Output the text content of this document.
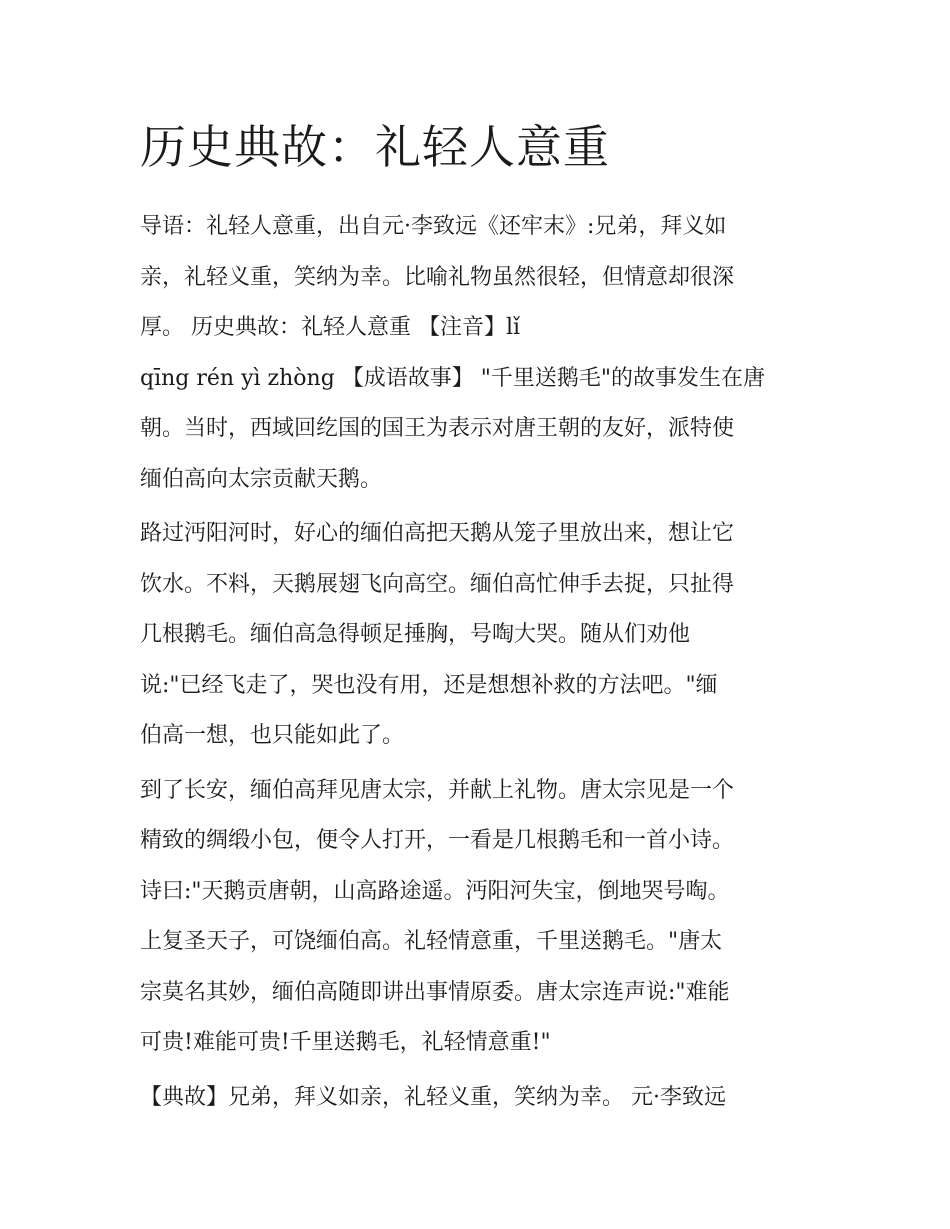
历史典故：礼轻人意重

导语：礼轻人意重，出自元·李致远《还牢末》:兄弟，拜义如
亲，礼轻义重，笑纳为幸。比喻礼物虽然很轻，但情意却很深
厚。 历史典故：礼轻人意重 【注音】lǐ
qīng rén yì zhòng 【成语故事】 "千里送鹅毛"的故事发生在唐
朝。当时，西域回纥国的国王为表示对唐王朝的友好，派特使
缅伯高向太宗贡献天鹅。

路过沔阳河时，好心的缅伯高把天鹅从笼子里放出来，想让它
饮水。不料，天鹅展翅飞向高空。缅伯高忙伸手去捉，只扯得
几根鹅毛。缅伯高急得顿足捶胸，号啕大哭。随从们劝他
说:"已经飞走了，哭也没有用，还是想想补救的方法吧。"缅
伯高一想，也只能如此了。

到了长安，缅伯高拜见唐太宗，并献上礼物。唐太宗见是一个
精致的绸缎小包，便令人打开，一看是几根鹅毛和一首小诗。
诗曰:"天鹅贡唐朝，山高路途遥。沔阳河失宝，倒地哭号啕。
上复圣天子，可饶缅伯高。礼轻情意重，千里送鹅毛。"唐太
宗莫名其妙，缅伯高随即讲出事情原委。唐太宗连声说:"难能
可贵!难能可贵!千里送鹅毛，礼轻情意重!"

【典故】兄弟，拜义如亲，礼轻义重，笑纳为幸。 元·李致远
